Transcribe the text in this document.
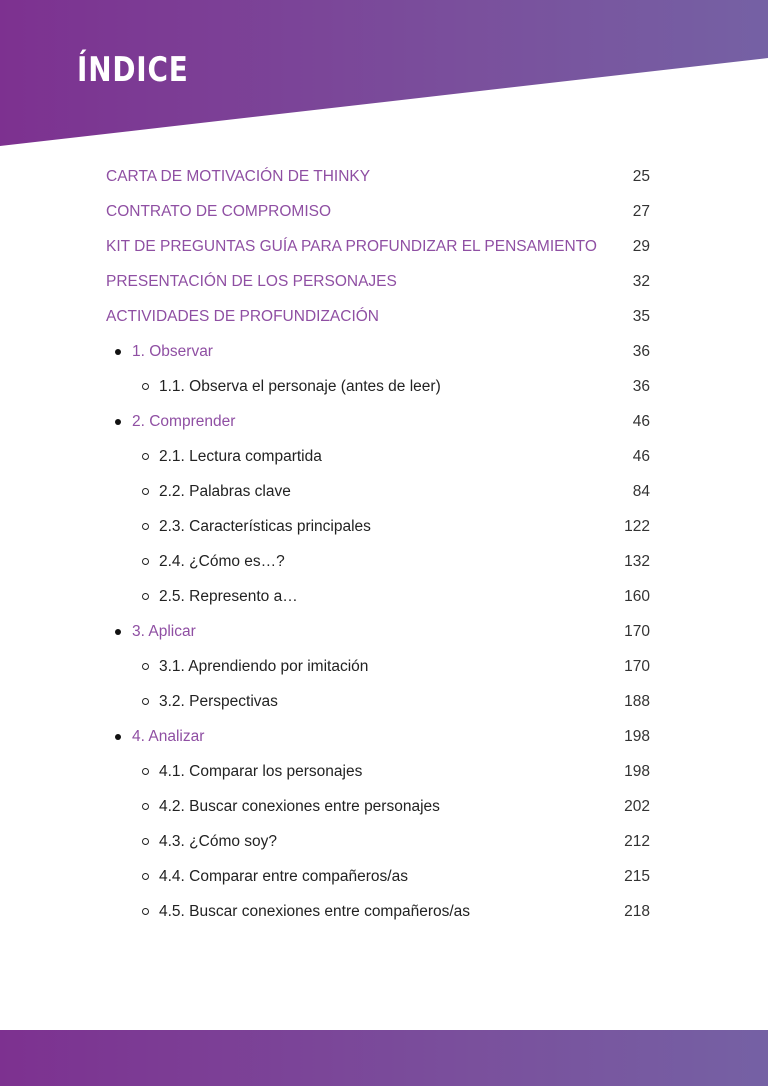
ÍNDICE
CARTA DE MOTIVACIÓN DE THINKY	25
CONTRATO DE COMPROMISO	27
KIT DE PREGUNTAS GUÍA PARA PROFUNDIZAR EL PENSAMIENTO 29
PRESENTACIÓN DE LOS PERSONAJES	32
ACTIVIDADES DE PROFUNDIZACIÓN	35
1. Observar	36
1.1. Observa el personaje (antes de leer)	36
2. Comprender	46
2.1. Lectura compartida	46
2.2. Palabras clave	84
2.3. Características principales	122
2.4. ¿Cómo es…?	132
2.5. Represento a…	160
3. Aplicar	170
3.1. Aprendiendo por imitación	170
3.2. Perspectivas	188
4. Analizar	198
4.1. Comparar los personajes	198
4.2. Buscar conexiones entre personajes	202
4.3. ¿Cómo soy?	212
4.4. Comparar entre compañeros/as	215
4.5. Buscar conexiones entre compañeros/as	218
